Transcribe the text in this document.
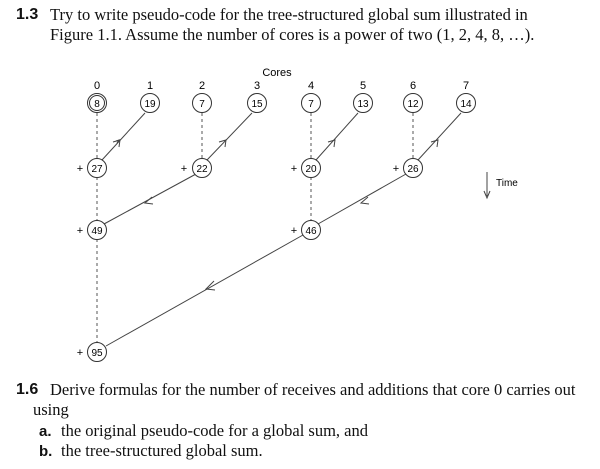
1.3 Try to write pseudo-code for the tree-structured global sum illustrated in
Figure 1.1. Assume the number of cores is a power of two (1, 2, 4, 8, …).
Cores
0	1	2	3	4	5	6	7
8	19	7	15	7	13	12	14
+ 27	+ 22	+ 20	+ 26
+ 49	+ 46
+ 95
Time
1.6 Derive formulas for the number of receives and additions that core 0 carries out
using
a. the original pseudo-code for a global sum, and
b. the tree-structured global sum.
